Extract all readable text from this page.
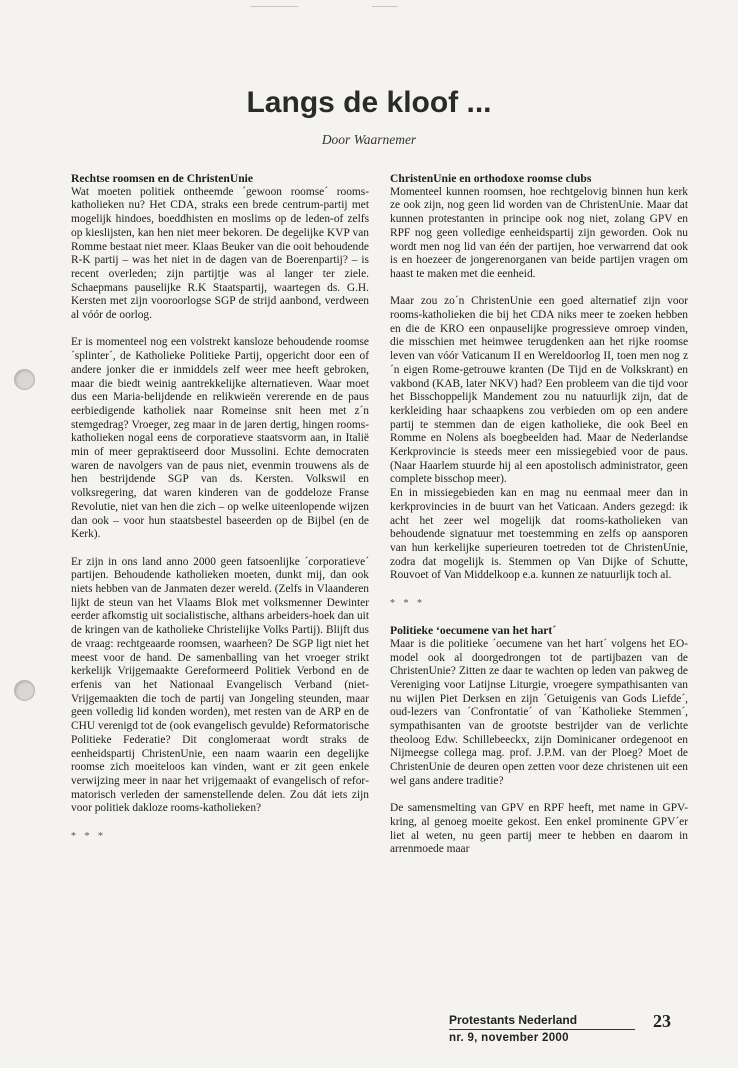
Langs de kloof ...
Door Waarnemer
Rechtse roomsen en de ChristenUnie

Wat moeten politiek ontheemde ´gewoon roomse´ rooms-katholieken nu? Het CDA, straks een brede centrum-partij met mogelijk hindoes, boeddhisten en moslims op de leden-of zelfs op kieslijsten, kan hen niet meer bekoren. De degelijke KVP van Romme bestaat niet meer. Klaas Beuker van die ooit behoudende R-K partij – was het niet in de dagen van de Boerenpartij? – is recent overleden; zijn partijtje was al langer ter ziele. Schaepmans pauselijke R.K Staatspartij, waartegen ds. G.H. Kersten met zijn vooroorlogse SGP de strijd aanbond, verdween al vóór de oorlog.

Er is momenteel nog een volstrekt kansloze behoudende roomse ´splinter´, de Katholieke Politieke Partij, opgericht door een of andere jonker die er inmiddels zelf weer mee heeft gebroken, maar die biedt weinig aantrekkelijke alternatieven. Waar moet dus een Maria-belijdende en relikwieën vererende en de paus eerbiedigende katholiek naar Romeinse snit heen met z´n stemgedrag? Vroeger, zeg maar in de jaren dertig, hingen rooms-katholieken nogal eens de corporatieve staatsvorm aan, in Italië min of meer gepraktiseerd door Mussolini. Echte democraten waren de navolgers van de paus niet, evenmin trouwens als de hen bestrijdende SGP van ds. Kersten. Volkswil en volksregering, dat waren kinderen van de goddeloze Franse Revolutie, niet van hen die zich – op welke uiteenlopende wijzen dan ook – voor hun staatsbestel baseerden op de Bijbel (en de Kerk).

Er zijn in ons land anno 2000 geen fatsoenlijke ´corporatieve´ partijen. Behoudende katholieken moeten, dunkt mij, dan ook niets hebben van de Janmaten dezer wereld. (Zelfs in Vlaanderen lijkt de steun van het Vlaams Blok met volksmenner Dewinter eerder afkomstig uit socialistische, althans arbeiders-hoek dan uit de kringen van de katholieke Christelijke Volks Partij). Blijft dus de vraag: rechtgeaarde roomsen, waarheen? De SGP ligt niet het meest voor de hand. De samenballing van het vroeger strikt kerkelijk Vrijgemaakte Gereformeerd Politiek Verbond en de erfenis van het Nationaal Evangelisch Verband (niet-Vrijgemaakten die toch de partij van Jongeling steunden, maar geen volledig lid konden worden), met resten van de ARP en de CHU verenigd tot de (ook evangelisch gevulde) Reformatorische Politieke Federatie? Dit conglomeraat wordt straks de eenheidspartij ChristenUnie, een naam waarin een degelijke roomse zich moeiteloos kan vinden, want er zit geen enkele verwijzing meer in naar het vrijgemaakt of evangelisch of reformatorisch verleden der samenstellende delen. Zou dát iets zijn voor politiek dakloze rooms-katholieken?

* * *
ChristenUnie en orthodoxe roomse clubs

Momenteel kunnen roomsen, hoe rechtgelovig binnen hun kerk ze ook zijn, nog geen lid worden van de ChristenUnie. Maar dat kunnen protestanten in principe ook nog niet, zolang GPV en RPF nog geen volledige eenheidspartij zijn geworden. Ook nu wordt men nog lid van één der partijen, hoe verwarrend dat ook is en hoezeer de jongerenorganen van beide partijen vragen om haast te maken met die eenheid.

Maar zou zo´n ChristenUnie een goed alternatief zijn voor rooms-katholieken die bij het CDA niks meer te zoeken hebben en die de KRO een onpauselijke progressieve omroep vinden, die misschien met heimwee terugdenken aan het rijke roomse leven van vóór Vaticanum II en Wereldoorlog II, toen men nog z´n eigen Rome-getrouwe kranten (De Tijd en de Volkskrant) en vakbond (KAB, later NKV) had? Een probleem van die tijd voor het Bisschoppelijk Mandement zou nu natuurlijk zijn, dat de kerkleiding haar schaapkens zou verbieden om op een andere partij te stemmen dan de eigen katholieke, die ook Beel en Romme en Nolens als boegbeelden had. Maar de Nederlandse Kerkprovincie is steeds meer een missiegebied voor de paus. (Naar Haarlem stuurde hij al een apostolisch administrator, geen complete bisschop meer).

En in missiegebieden kan en mag nu eenmaal meer dan in kerkprovincies in de buurt van het Vaticaan. Anders gezegd: ik acht het zeer wel mogelijk dat rooms-katholieken van behoudende signatuur met toestemming en zelfs op aansporen van hun kerkelijke superieuren toetreden tot de ChristenUnie, zodra dat mogelijk is. Stemmen op Van Dijke of Schutte, Rouvoet of Van Middelkoop e.a. kunnen ze natuurlijk toch al.

* * *
Politieke ‘oecumene van het hart´

Maar is die politieke ´oecumene van het hart´ volgens het EO-model ook al doorgedrongen tot de partijbazen van de ChristenUnie? Zitten ze daar te wachten op leden van pakweg de Vereniging voor Latijnse Liturgie, vroegere sympathisanten van nu wijlen Piet Derksen en zijn ´Getuigenis van Gods Liefde´, oud-lezers van ´Confrontatie´ of van ´Katholieke Stemmen´, sympathisanten van de grootste bestrijder van de verlichte theoloog Edw. Schillebeeckx, zijn Dominicaner ordegenoot en Nijmeegse collega mag. prof. J.P.M. van der Ploeg? Moet de ChristenUnie de deuren open zetten voor deze christenen uit een wel gans andere traditie?

De samensmelting van GPV en RPF heeft, met name in GPV-kring, al genoeg moeite gekost. Een enkel prominente GPV´er liet al weten, nu geen partij meer te hebben en daarom in arrenmoede maar

Protestants Nederland
nr. 9, november 2000
23
